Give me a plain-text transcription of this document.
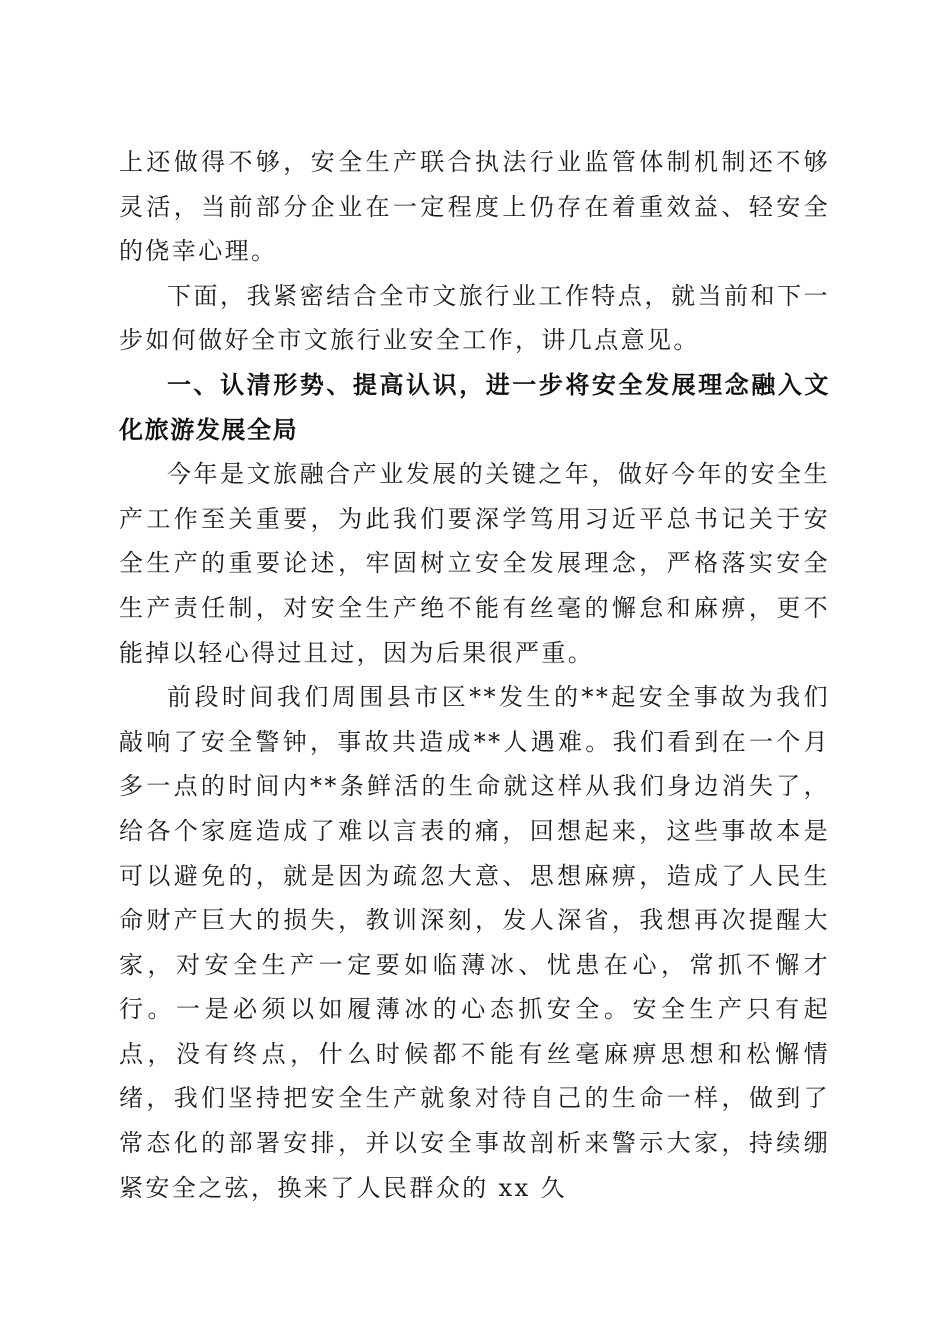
上还做得不够，安全生产联合执法行业监管体制机制还不够灵活，当前部分企业在一定程度上仍存在着重效益、轻安全的侥幸心理。

下面，我紧密结合全市文旅行业工作特点，就当前和下一步如何做好全市文旅行业安全工作，讲几点意见。

一、认清形势、提高认识，进一步将安全发展理念融入文化旅游发展全局

今年是文旅融合产业发展的关键之年，做好今年的安全生产工作至关重要，为此我们要深学笃用习近平总书记关于安全生产的重要论述，牢固树立安全发展理念，严格落实安全生产责任制，对安全生产绝不能有丝毫的懈怠和麻痹，更不能掉以轻心得过且过，因为后果很严重。

前段时间我们周围县市区**发生的**起安全事故为我们敲响了安全警钟，事故共造成**人遇难。我们看到在一个月多一点的时间内**条鲜活的生命就这样从我们身边消失了，给各个家庭造成了难以言表的痛，回想起来，这些事故本是可以避免的，就是因为疏忽大意、思想麻痹，造成了人民生命财产巨大的损失，教训深刻，发人深省，我想再次提醒大家，对安全生产一定要如临薄冰、忧患在心，常抓不懈才行。一是必须以如履薄冰的心态抓安全。安全生产只有起点，没有终点，什么时候都不能有丝毫麻痹思想和松懈情绪，我们坚持把安全生产就象对待自己的生命一样，做到了常态化的部署安排，并以安全事故剖析来警示大家，持续绷紧安全之弦，换来了人民群众的 xx 久
